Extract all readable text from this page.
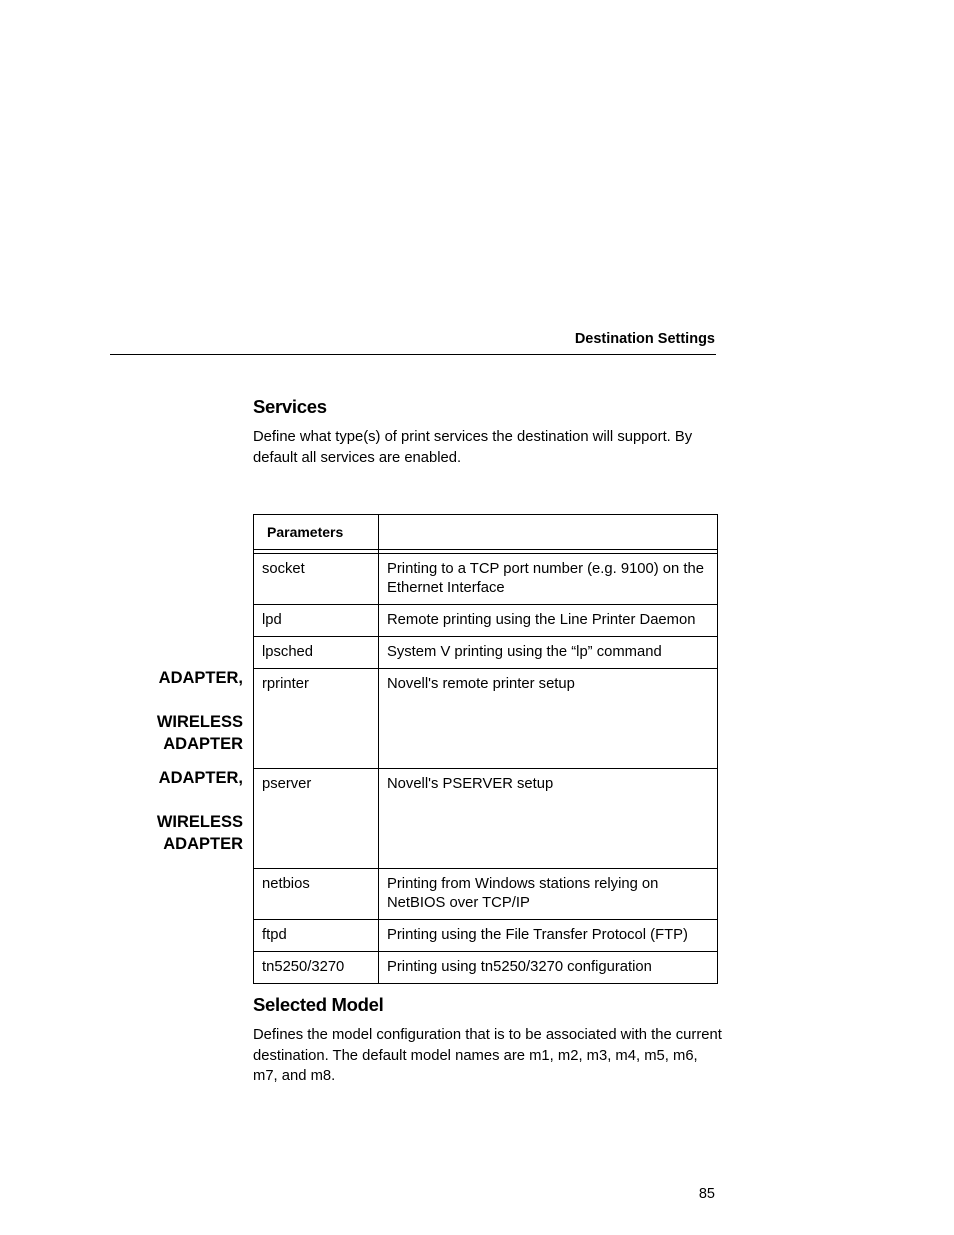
Destination Settings
Services
Define what type(s) of print services the destination will support. By default all services are enabled.
Parameters	

socket	Printing to a TCP port number (e.g. 9100) on the Ethernet Interface
lpd	Remote printing using the Line Printer Daemon
lpsched	System V printing using the “lp” command
rprinter	Novell's remote printer setup
pserver	Novell's PSERVER setup
netbios	Printing from Windows stations relying on NetBIOS over TCP/IP
ftpd	Printing using the File Transfer Protocol (FTP)
tn5250/3270	Printing using tn5250/3270 configuration
ADAPTER,
WIRELESS
ADAPTER
ADAPTER,
WIRELESS
ADAPTER
Selected Model
Defines the model configuration that is to be associated with the current destination. The default model names are m1, m2, m3, m4, m5, m6, m7, and m8.
85
